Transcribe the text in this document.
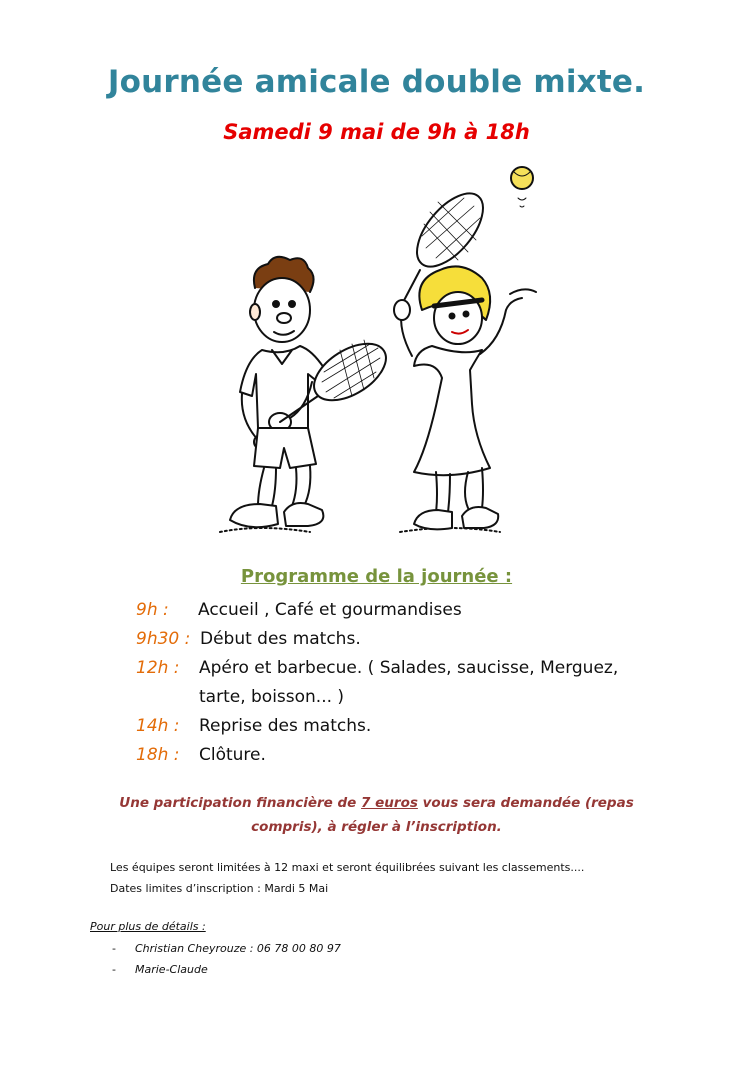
Journée amicale double mixte.
Samedi 9 mai de 9h à 18h
Programme de la journée :
9h : Accueil , Café et gourmandises
9h30 : Début des matchs.
12h : Apéro et barbecue. ( Salades, saucisse, Merguez, tarte, boisson... )
14h : Reprise des matchs.
18h : Clôture.
Une participation financière de 7 euros vous sera demandée (repas compris), à régler à l’inscription.
Les équipes seront limitées à 12 maxi et seront équilibrées suivant les classements....
Dates limites d’inscription : Mardi 5 Mai
Pour plus de détails :
- Christian Cheyrouze : 06 78 00 80 97
- Marie-Claude
